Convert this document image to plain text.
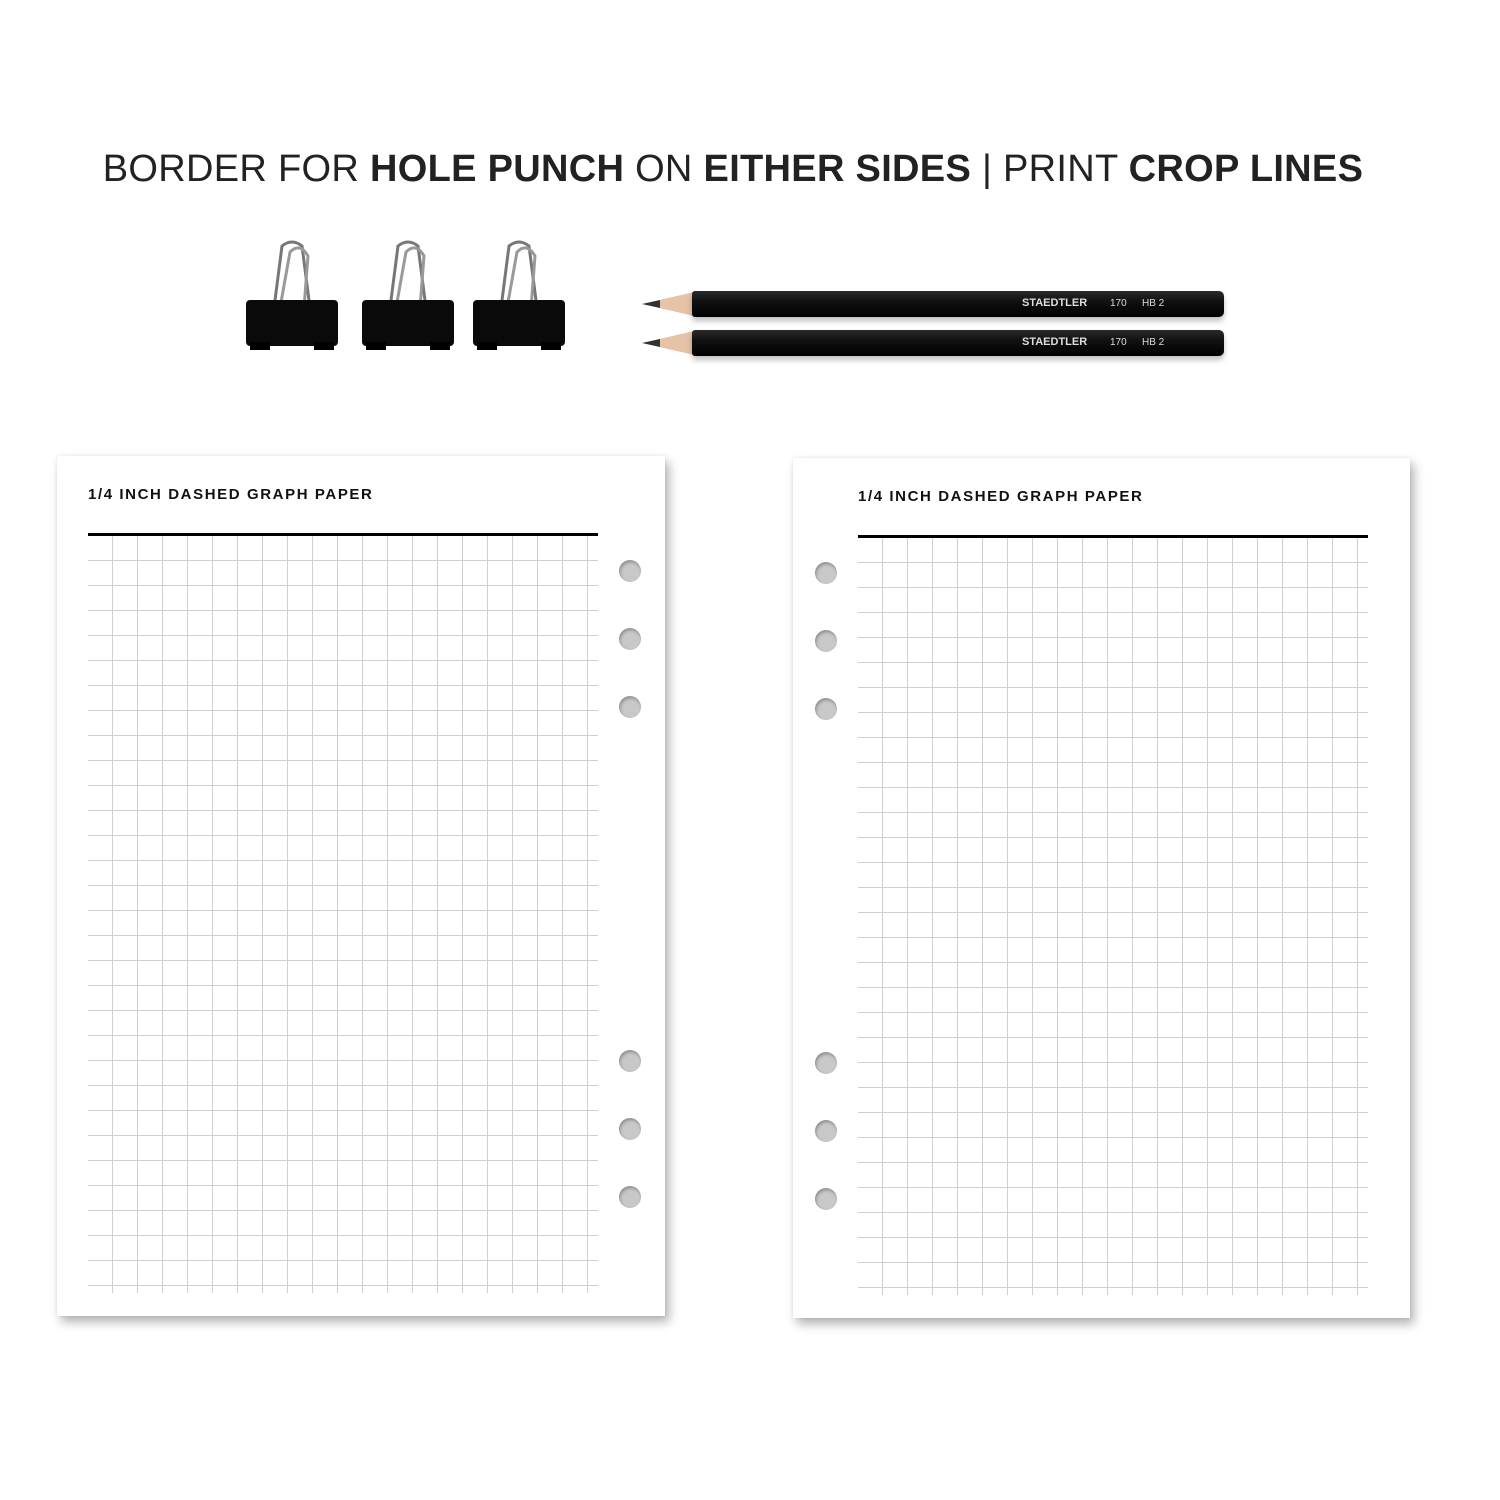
BORDER FOR HOLE PUNCH ON EITHER SIDES | PRINT CROP LINES
STAEDTLER 170 HB 2
STAEDTLER 170 HB 2
1/4 INCH DASHED GRAPH PAPER	1/4 INCH DASHED GRAPH PAPER
